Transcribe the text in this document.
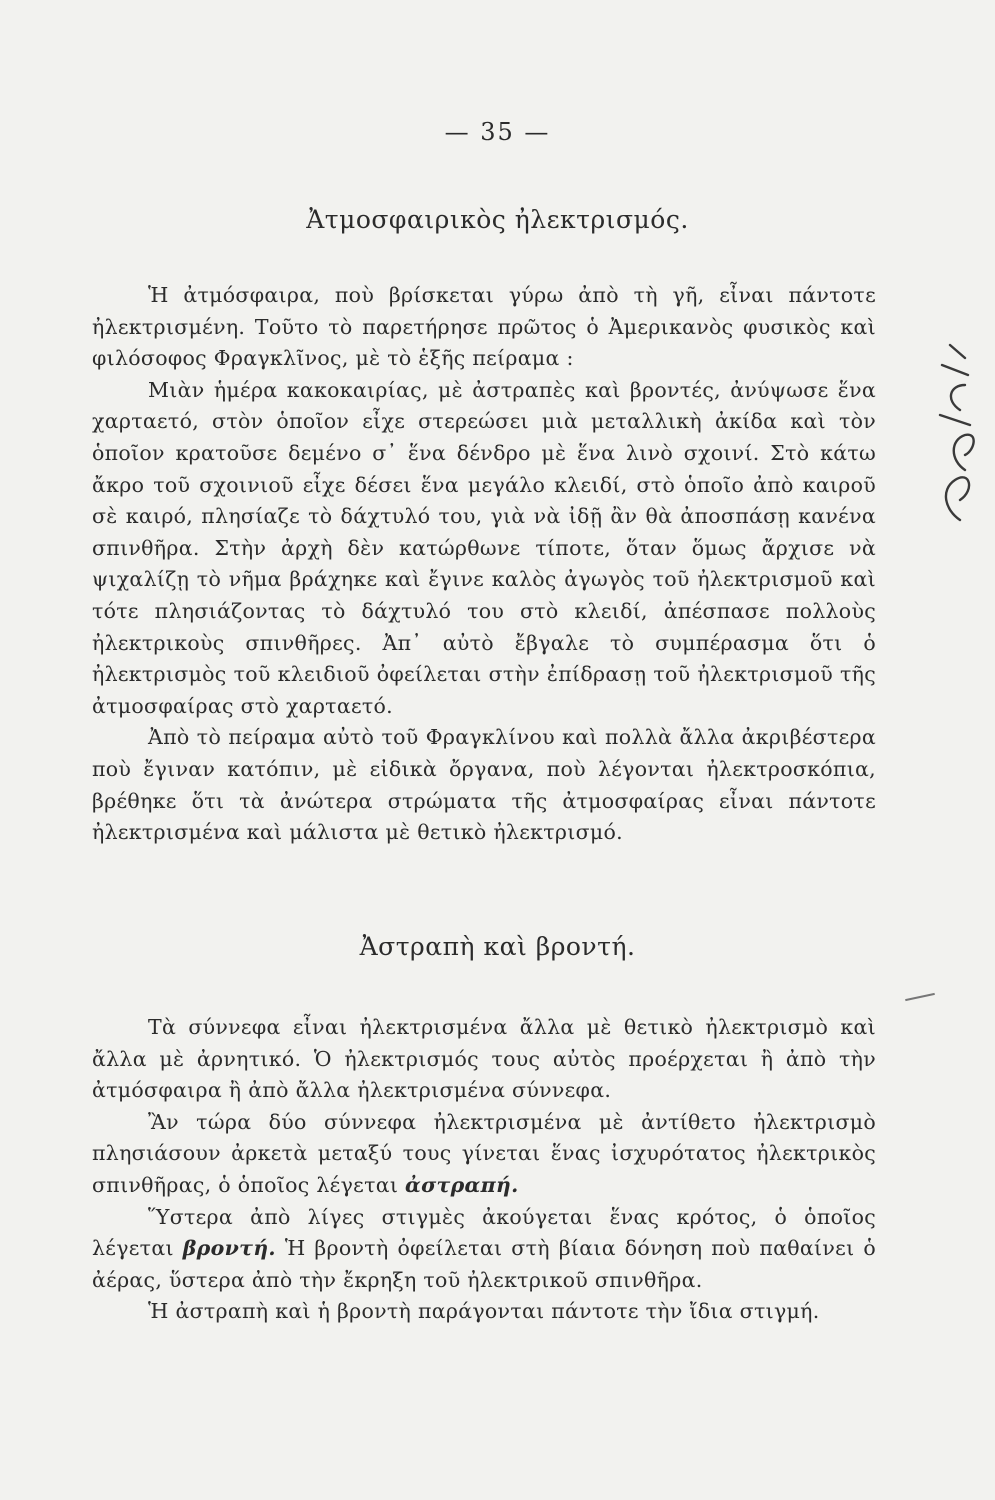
— 35 —
Ἀτμοσφαιρικὸς ἠλεκτρισμός.
Ἡ ἀτμόσφαιρα, ποὺ βρίσκεται γύρω ἀπὸ τὴ γῆ, εἶναι πάντοτε ἠλεκτρισμένη. Τοῦτο τὸ παρετήρησε πρῶτος ὁ Ἀμερικανὸς φυσικὸς καὶ φιλόσοφος Φραγκλῖνος, μὲ τὸ ἑξῆς πείραμα :
Μιὰν ἡμέρα κακοκαιρίας, μὲ ἀστραπὲς καὶ βροντές, ἀνύψωσε ἕνα χαρταετό, στὸν ὁποῖον εἶχε στερεώσει μιὰ μεταλλικὴ ἀκίδα καὶ τὸν ὁποῖον κρατοῦσε δεμένο σ᾽ ἕνα δένδρο μὲ ἕνα λινὸ σχοινί. Στὸ κάτω ἄκρο τοῦ σχοινιοῦ εἶχε δέσει ἕνα μεγάλο κλειδί, στὸ ὁποῖο ἀπὸ καιροῦ σὲ καιρό, πλησίαζε τὸ δάχτυλό του, γιὰ νὰ ἰδῇ ἂν θὰ ἀποσπάσῃ κανένα σπινθῆρα. Στὴν ἀρχὴ δὲν κατώρθωνε τίποτε, ὅταν ὅμως ἄρχισε νὰ ψιχαλίζῃ τὸ νῆμα βράχηκε καὶ ἔγινε καλὸς ἀγωγὸς τοῦ ἠλεκτρισμοῦ καὶ τότε πλησιάζοντας τὸ δάχτυλό του στὸ κλειδί, ἀπέσπασε πολλοὺς ἠλεκτρικοὺς σπινθῆρες. Ἀπ᾽ αὐτὸ ἔβγαλε τὸ συμπέρασμα ὅτι ὁ ἠλεκτρισμὸς τοῦ κλειδιοῦ ὀφείλεται στὴν ἐπίδρασῃ τοῦ ἠλεκτρισμοῦ τῆς ἀτμοσφαίρας στὸ χαρταετό.
Ἀπὸ τὸ πείραμα αὐτὸ τοῦ Φραγκλίνου καὶ πολλὰ ἄλλα ἀκριβέστερα ποὺ ἔγιναν κατόπιν, μὲ εἰδικὰ ὄργανα, ποὺ λέγονται ἠλεκτροσκόπια, βρέθηκε ὅτι τὰ ἀνώτερα στρώματα τῆς ἀτμοσφαίρας εἶναι πάντοτε ἠλεκτρισμένα καὶ μάλιστα μὲ θετικὸ ἠλεκτρισμό.
Ἀστραπὴ καὶ βροντή.
Τὰ σύννεφα εἶναι ἠλεκτρισμένα ἄλλα μὲ θετικὸ ἠλεκτρισμὸ καὶ ἄλλα μὲ ἀρνητικό. Ὁ ἠλεκτρισμός τους αὐτὸς προέρχεται ἢ ἀπὸ τὴν ἀτμόσφαιρα ἢ ἀπὸ ἄλλα ἠλεκτρισμένα σύννεφα.
Ἂν τώρα δύο σύννεφα ἠλεκτρισμένα μὲ ἀντίθετο ἠλεκτρισμὸ πλησιάσουν ἀρκετὰ μεταξύ τους γίνεται ἕνας ἰσχυρότατος ἠλεκτρικὸς σπινθῆρας, ὁ ὁποῖος λέγεται ἀστραπή.
Ὕστερα ἀπὸ λίγες στιγμὲς ἀκούγεται ἕνας κρότος, ὁ ὁποῖος λέγεται βροντή. Ἡ βροντὴ ὀφείλεται στὴ βίαια δόνηση ποὺ παθαίνει ὁ ἀέρας, ὕστερα ἀπὸ τὴν ἔκρηξη τοῦ ἠλεκτρικοῦ σπινθῆρα.
Ἡ ἀστραπὴ καὶ ἡ βροντὴ παράγονται πάντοτε τὴν ἴδια στιγμή.
